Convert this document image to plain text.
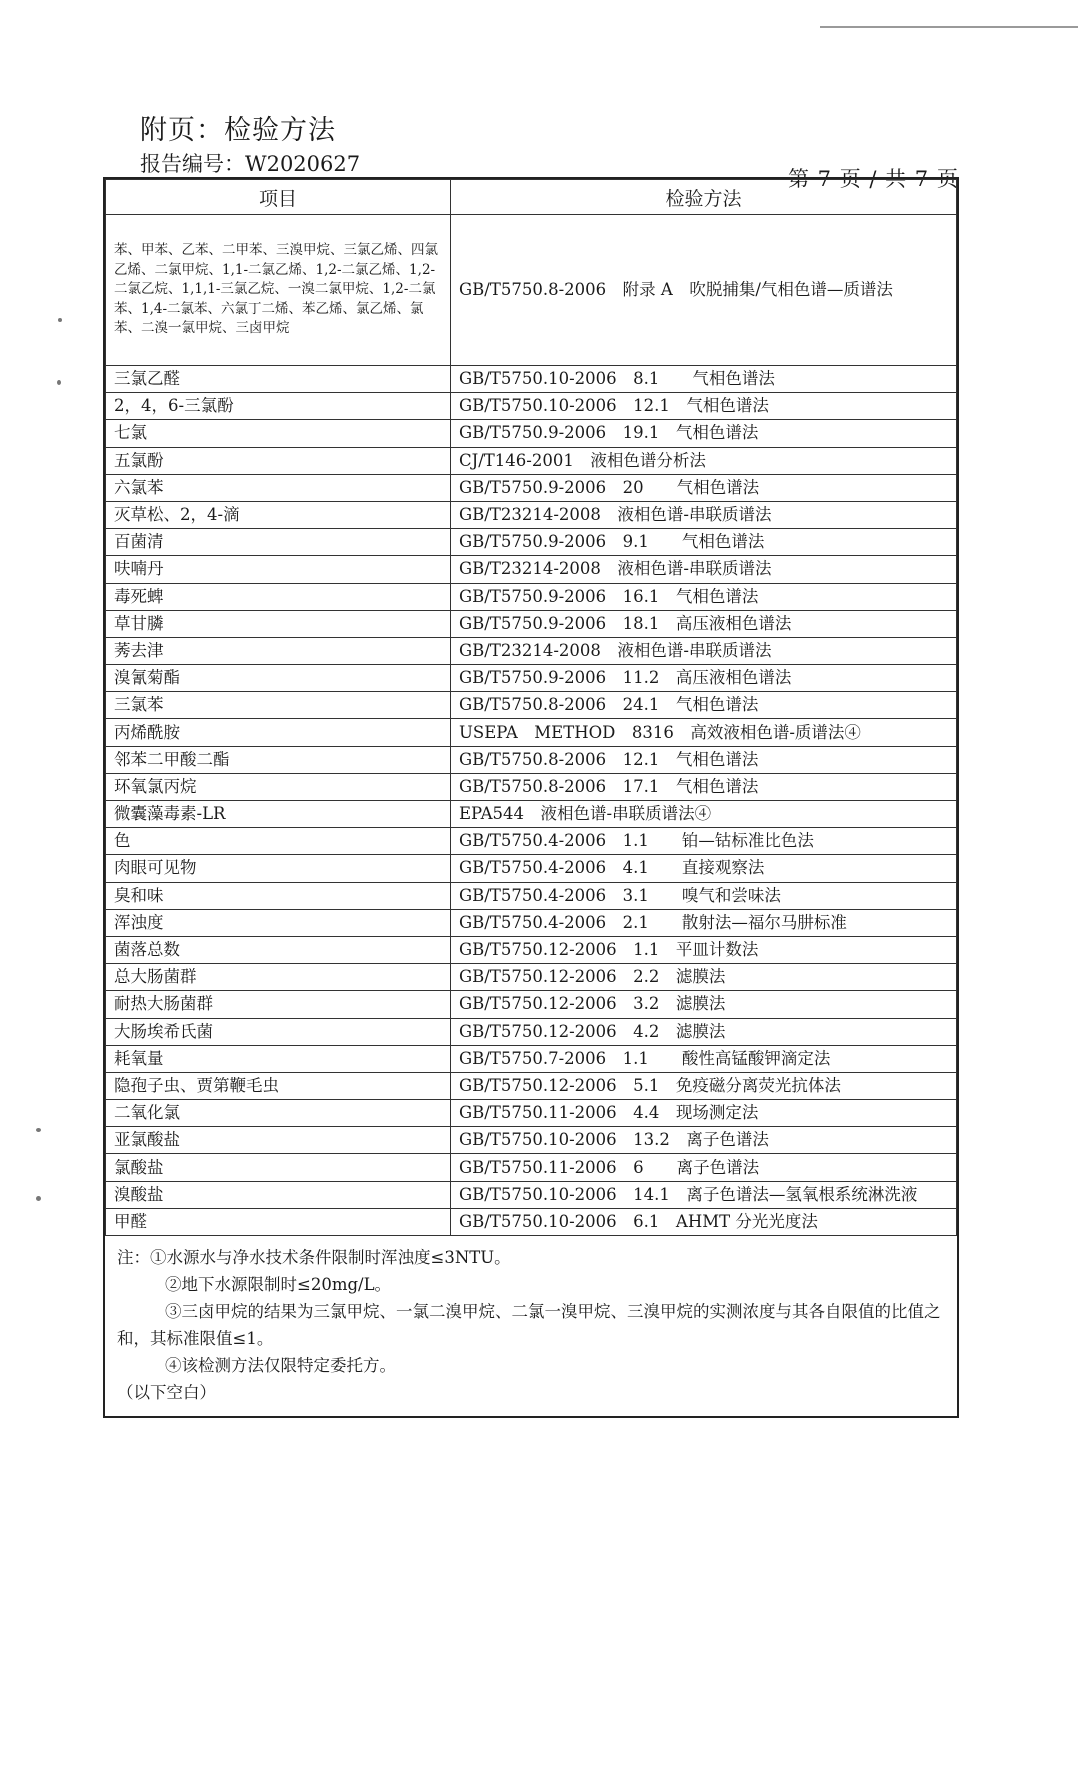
附页：检验方法
报告编号：W2020627
第 7 页 / 共 7 页
项目	检验方法
苯、甲苯、乙苯、二甲苯、三溴甲烷、三氯乙烯、四氯乙烯、二氯甲烷、1,1-二氯乙烯、1,2-二氯乙烯、1,2-二氯乙烷、1,1,1-三氯乙烷、一溴二氯甲烷、1,2-二氯苯、1,4-二氯苯、六氯丁二烯、苯乙烯、氯乙烯、氯苯、二溴一氯甲烷、三卤甲烷	GB/T5750.8-2006　附录 A　吹脱捕集/气相色谱—质谱法
三氯乙醛	GB/T5750.10-2006　8.1　　气相色谱法
2，4，6-三氯酚	GB/T5750.10-2006　12.1　气相色谱法
七氯	GB/T5750.9-2006　19.1　气相色谱法
五氯酚	CJ/T146-2001　液相色谱分析法
六氯苯	GB/T5750.9-2006　20　　气相色谱法
灭草松、2，4-滴	GB/T23214-2008　液相色谱-串联质谱法
百菌清	GB/T5750.9-2006　9.1　　气相色谱法
呋喃丹	GB/T23214-2008　液相色谱-串联质谱法
毒死蜱	GB/T5750.9-2006　16.1　气相色谱法
草甘膦	GB/T5750.9-2006　18.1　高压液相色谱法
莠去津	GB/T23214-2008　液相色谱-串联质谱法
溴氰菊酯	GB/T5750.9-2006　11.2　高压液相色谱法
三氯苯	GB/T5750.8-2006　24.1　气相色谱法
丙烯酰胺	USEPA　METHOD　8316　高效液相色谱-质谱法④
邻苯二甲酸二酯	GB/T5750.8-2006　12.1　气相色谱法
环氧氯丙烷	GB/T5750.8-2006　17.1　气相色谱法
微囊藻毒素-LR	EPA544　液相色谱-串联质谱法④
色	GB/T5750.4-2006　1.1　　铂—钴标准比色法
肉眼可见物	GB/T5750.4-2006　4.1　　直接观察法
臭和味	GB/T5750.4-2006　3.1　　嗅气和尝味法
浑浊度	GB/T5750.4-2006　2.1　　散射法—福尔马肼标准
菌落总数	GB/T5750.12-2006　1.1　平皿计数法
总大肠菌群	GB/T5750.12-2006　2.2　滤膜法
耐热大肠菌群	GB/T5750.12-2006　3.2　滤膜法
大肠埃希氏菌	GB/T5750.12-2006　4.2　滤膜法
耗氧量	GB/T5750.7-2006　1.1　　酸性高锰酸钾滴定法
隐孢子虫、贾第鞭毛虫	GB/T5750.12-2006　5.1　免疫磁分离荧光抗体法
二氧化氯	GB/T5750.11-2006　4.4　现场测定法
亚氯酸盐	GB/T5750.10-2006　13.2　离子色谱法
氯酸盐	GB/T5750.11-2006　6　　离子色谱法
溴酸盐	GB/T5750.10-2006　14.1　离子色谱法—氢氧根系统淋洗液
甲醛	GB/T5750.10-2006　6.1　AHMT 分光光度法
注：①水源水与净水技术条件限制时浑浊度≤3NTU。
②地下水源限制时≤20mg/L。
③三卤甲烷的结果为三氯甲烷、一氯二溴甲烷、二氯一溴甲烷、三溴甲烷的实测浓度与其各自限值的比值之和，其标准限值≤1。
④该检测方法仅限特定委托方。
（以下空白）
